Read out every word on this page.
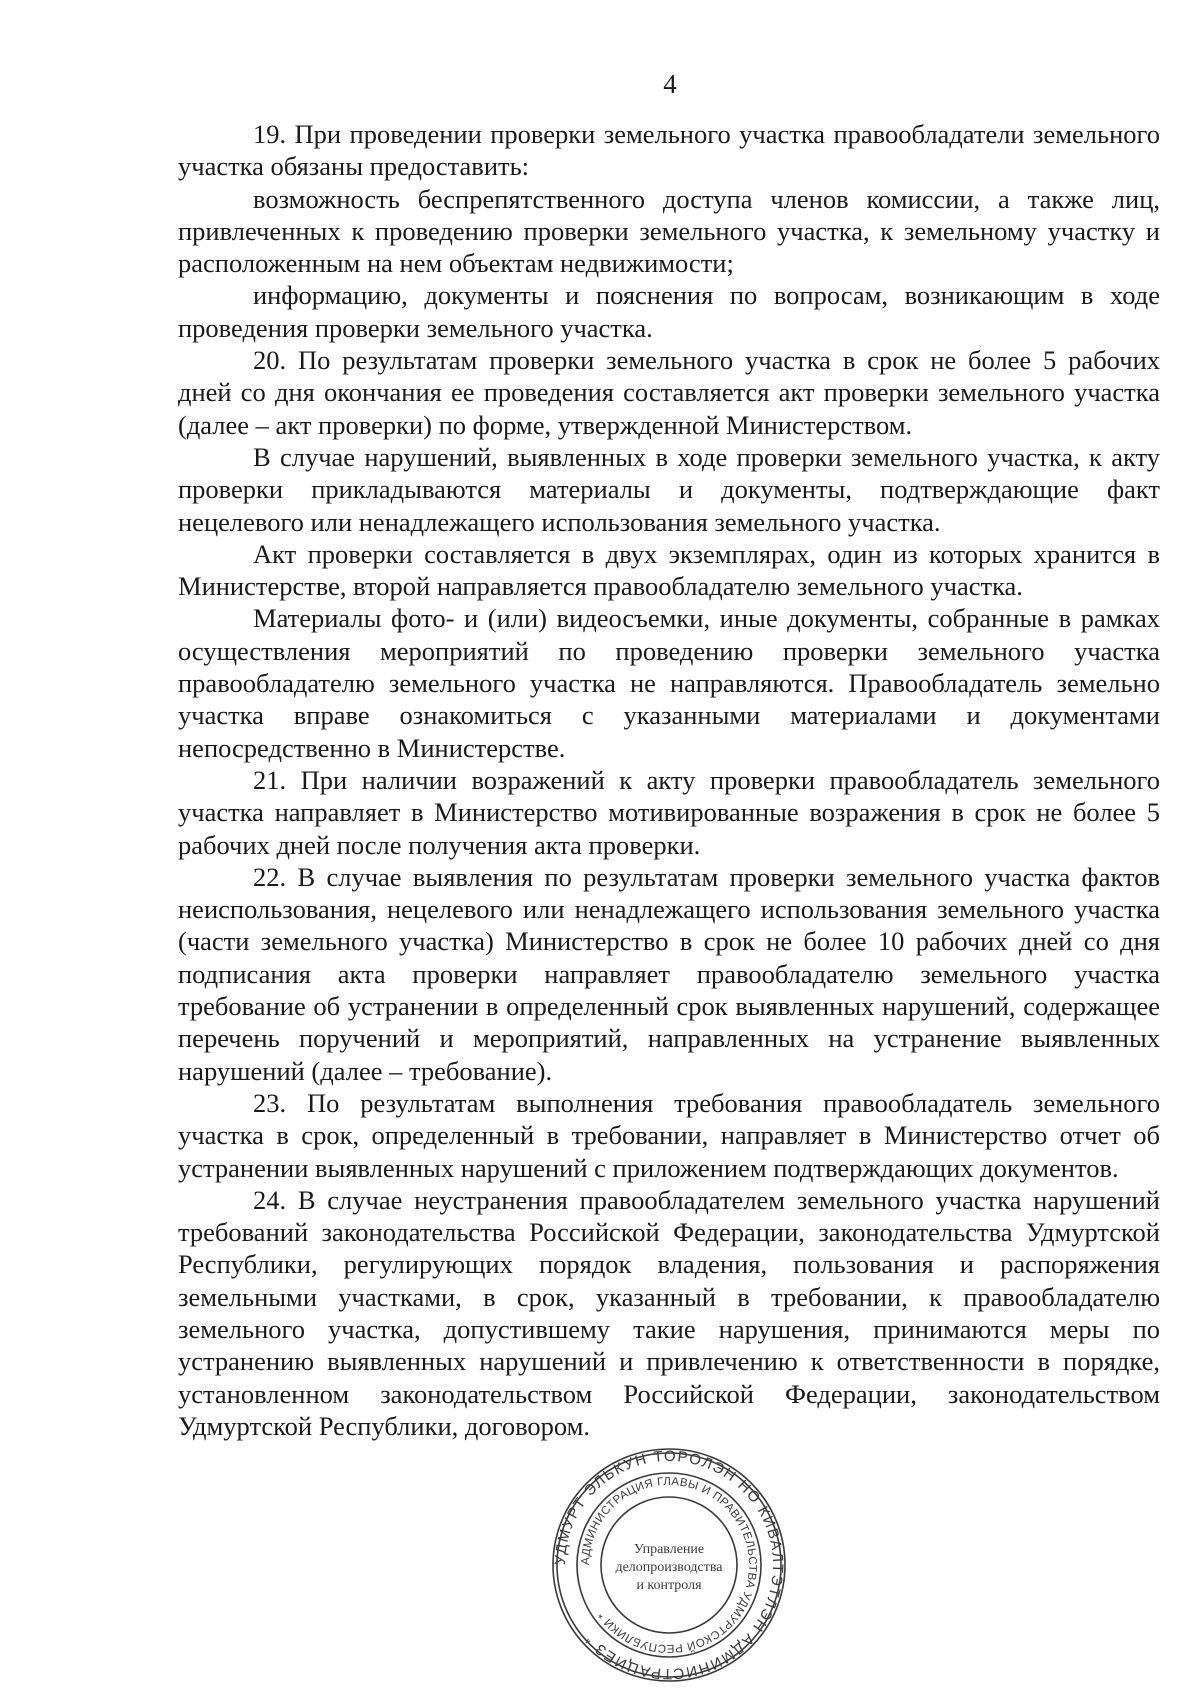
4

19. При проведении проверки земельного участка правообладатели земельного участка обязаны предоставить:

возможность беспрепятственного доступа членов комиссии, а также лиц, привлеченных к проведению проверки земельного участка, к земельному участку и расположенным на нем объектам недвижимости;

информацию, документы и пояснения по вопросам, возникающим в ходе проведения проверки земельного участка.

20. По результатам проверки земельного участка в срок не более 5 рабочих дней со дня окончания ее проведения составляется акт проверки земельного участка (далее – акт проверки) по форме, утвержденной Министерством.

В случае нарушений, выявленных в ходе проверки земельного участка, к акту проверки прикладываются материалы и документы, подтверждающие факт нецелевого или ненадлежащего использования земельного участка.

Акт проверки составляется в двух экземплярах, один из которых хранится в Министерстве, второй направляется правообладателю земельного участка.

Материалы фото- и (или) видеосъемки, иные документы, собранные в рамках осуществления мероприятий по проведению проверки земельного участка правообладателю земельного участка не направляются. Правообладатель земельно участка вправе ознакомиться с указанными материалами и документами непосредственно в Министерстве.

21. При наличии возражений к акту проверки правообладатель земельного участка направляет в Министерство мотивированные возражения в срок не более 5 рабочих дней после получения акта проверки.

22. В случае выявления по результатам проверки земельного участка фактов неиспользования, нецелевого или ненадлежащего использования земельного участка (части земельного участка) Министерство в срок не более 10 рабочих дней со дня подписания акта проверки направляет правообладателю земельного участка требование об устранении в определенный срок выявленных нарушений, содержащее перечень поручений и мероприятий, направленных на устранение выявленных нарушений (далее – требование).

23. По результатам выполнения требования правообладатель земельного участка в срок, определенный в требовании, направляет в Министерство отчет об устранении выявленных нарушений с приложением подтверждающих документов.

24. В случае неустранения правообладателем земельного участка нарушений требований законодательства Российской Федерации, законодательства Удмуртской Республики, регулирующих порядок владения, пользования и распоряжения земельными участками, в срок, указанный в требовании, к правообладателю земельного участка, допустившему такие нарушения, принимаются меры по устранению выявленных нарушений и привлечению к ответственности в порядке, установленном законодательством Российской Федерации, законодательством Удмуртской Республики, договором.

УДМУРТ ЭЛЬКУН ТОРОЛЭН НО КИВАЛТЭТЛЭН АДМИНИСТРАЦИЕЗ *
АДМИНИСТРАЦИЯ ГЛАВЫ И ПРАВИТЕЛЬСТВА УДМУРТСКОЙ РЕСПУБЛИКИ *
Управление
делопроизводства
и контроля
